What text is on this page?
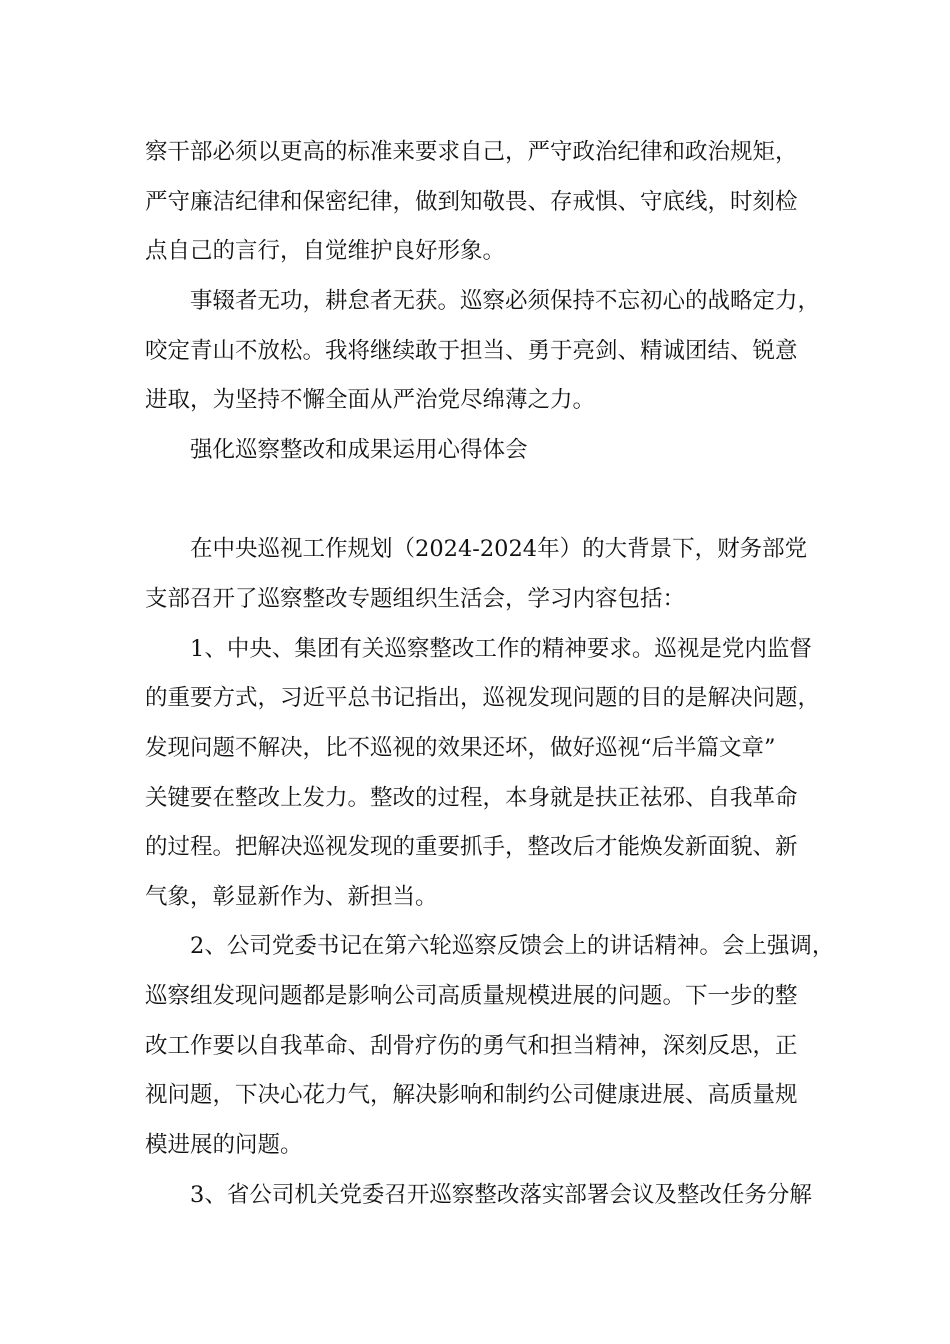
察干部必须以更高的标准来要求自己，严守政治纪律和政治规矩，

严守廉洁纪律和保密纪律，做到知敬畏、存戒惧、守底线，时刻检

点自己的言行，自觉维护良好形象。

事辍者无功，耕怠者无获。巡察必须保持不忘初心的战略定力，

咬定青山不放松。我将继续敢于担当、勇于亮剑、精诚团结、锐意

进取，为坚持不懈全面从严治党尽绵薄之力。

强化巡察整改和成果运用心得体会

在中央巡视工作规划（2024-2024年）的大背景下，财务部党

支部召开了巡察整改专题组织生活会，学习内容包括：

1、中央、集团有关巡察整改工作的精神要求。巡视是党内监督

的重要方式，习近平总书记指出，巡视发现问题的目的是解决问题，

发现问题不解决，比不巡视的效果还坏，做好巡视“后半篇文章”

关键要在整改上发力。整改的过程，本身就是扶正祛邪、自我革命

的过程。把解决巡视发现的重要抓手，整改后才能焕发新面貌、新

气象，彰显新作为、新担当。

2、公司党委书记在第六轮巡察反馈会上的讲话精神。会上强调，

巡察组发现问题都是影响公司高质量规模进展的问题。下一步的整

改工作要以自我革命、刮骨疗伤的勇气和担当精神，深刻反思，正

视问题，下决心花力气，解决影响和制约公司健康进展、高质量规

模进展的问题。

3、省公司机关党委召开巡察整改落实部署会议及整改任务分解
